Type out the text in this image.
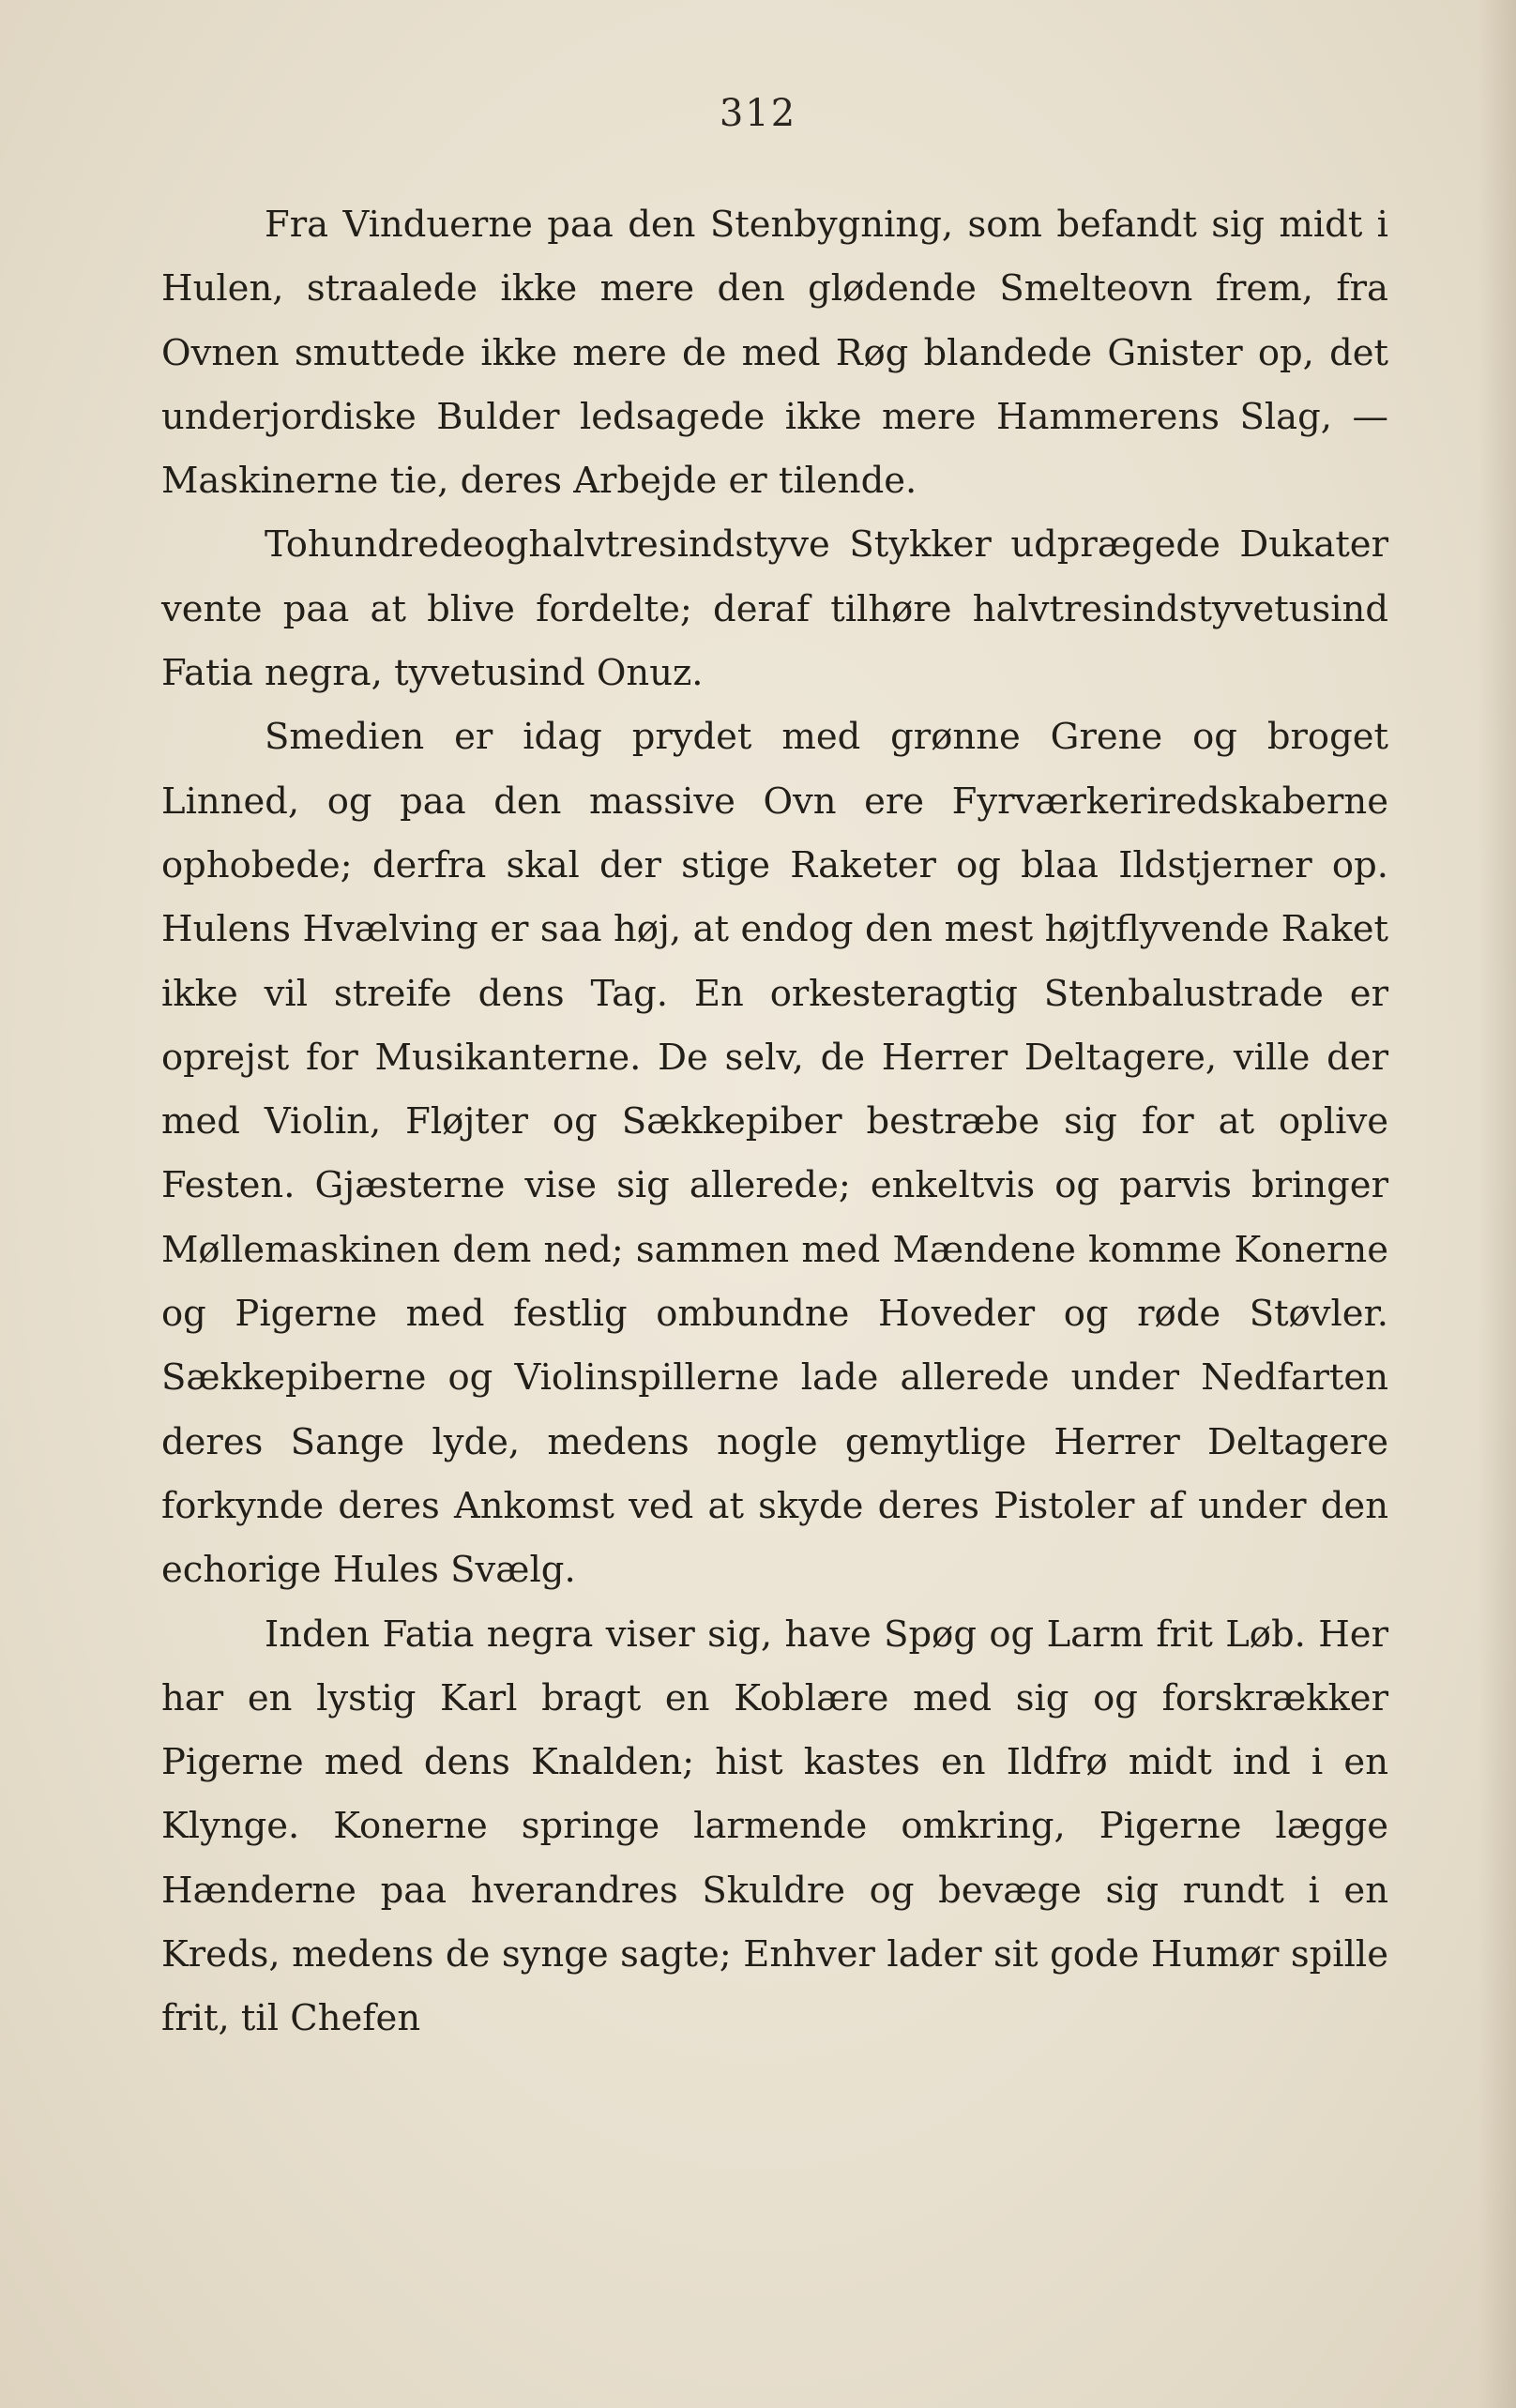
312

Fra Vinduerne paa den Stenbygning, som befandt sig midt i Hulen, straalede ikke mere den glødende Smelteovn frem, fra Ovnen smuttede ikke mere de med Røg blandede Gnister op, det underjordiske Bulder ledsagede ikke mere Hammerens Slag, — Maskinerne tie, deres Arbejde er tilende.

Tohundredeoghalvtresindstyve Stykker udprægede Dukater vente paa at blive fordelte; deraf tilhøre halvtresindstyvetusind Fatia negra, tyvetusind Onuz.

Smedien er idag prydet med grønne Grene og broget Linned, og paa den massive Ovn ere Fyrværkeriredskaberne ophobede; derfra skal der stige Raketer og blaa Ildstjerner op. Hulens Hvælving er saa høj, at endog den mest højtflyvende Raket ikke vil streife dens Tag. En orkesteragtig Stenbalustrade er oprejst for Musikanterne. De selv, de Herrer Deltagere, ville der med Violin, Fløjter og Sækkepiber bestræbe sig for at oplive Festen. Gjæsterne vise sig allerede; enkeltvis og parvis bringer Møllemaskinen dem ned; sammen med Mændene komme Konerne og Pigerne med festlig ombundne Hoveder og røde Støvler. Sækkepiberne og Violinspillerne lade allerede under Nedfarten deres Sange lyde, medens nogle gemytlige Herrer Deltagere forkynde deres Ankomst ved at skyde deres Pistoler af under den echorige Hules Svælg.

Inden Fatia negra viser sig, have Spøg og Larm frit Løb. Her har en lystig Karl bragt en Koblære med sig og forskrækker Pigerne med dens Knalden; hist kastes en Ildfrø midt ind i en Klynge. Konerne springe larmende omkring, Pigerne lægge Hænderne paa hverandres Skuldre og bevæge sig rundt i en Kreds, medens de synge sagte; Enhver lader sit gode Humør spille frit, til Chefen
